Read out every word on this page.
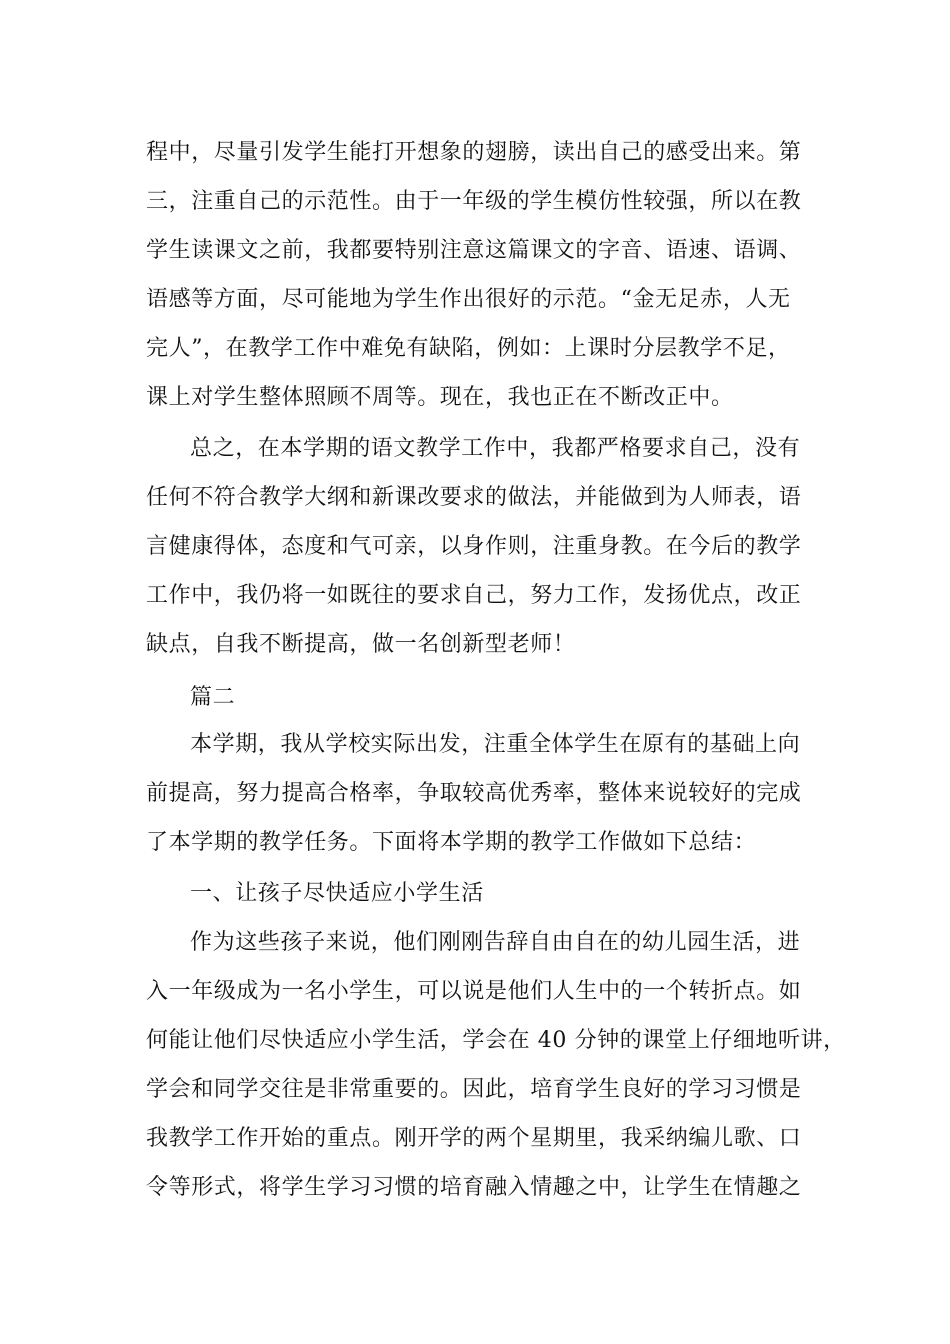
程中，尽量引发学生能打开想象的翅膀，读出自己的感受出来。第
三，注重自己的示范性。由于一年级的学生模仿性较强，所以在教
学生读课文之前，我都要特别注意这篇课文的字音、语速、语调、
语感等方面，尽可能地为学生作出很好的示范。“金无足赤，人无
完人”，在教学工作中难免有缺陷，例如：上课时分层教学不足，
课上对学生整体照顾不周等。现在，我也正在不断改正中。
总之，在本学期的语文教学工作中，我都严格要求自己，没有
任何不符合教学大纲和新课改要求的做法，并能做到为人师表，语
言健康得体，态度和气可亲，以身作则，注重身教。在今后的教学
工作中，我仍将一如既往的要求自己，努力工作，发扬优点，改正
缺点，自我不断提高，做一名创新型老师！
篇二
本学期，我从学校实际出发，注重全体学生在原有的基础上向
前提高，努力提高合格率，争取较高优秀率，整体来说较好的完成
了本学期的教学任务。下面将本学期的教学工作做如下总结：
一、让孩子尽快适应小学生活
作为这些孩子来说，他们刚刚告辞自由自在的幼儿园生活，进
入一年级成为一名小学生，可以说是他们人生中的一个转折点。如
何能让他们尽快适应小学生活，学会在 40 分钟的课堂上仔细地听讲，
学会和同学交往是非常重要的。因此，培育学生良好的学习习惯是
我教学工作开始的重点。刚开学的两个星期里，我采纳编儿歌、口
令等形式，将学生学习习惯的培育融入情趣之中，让学生在情趣之
